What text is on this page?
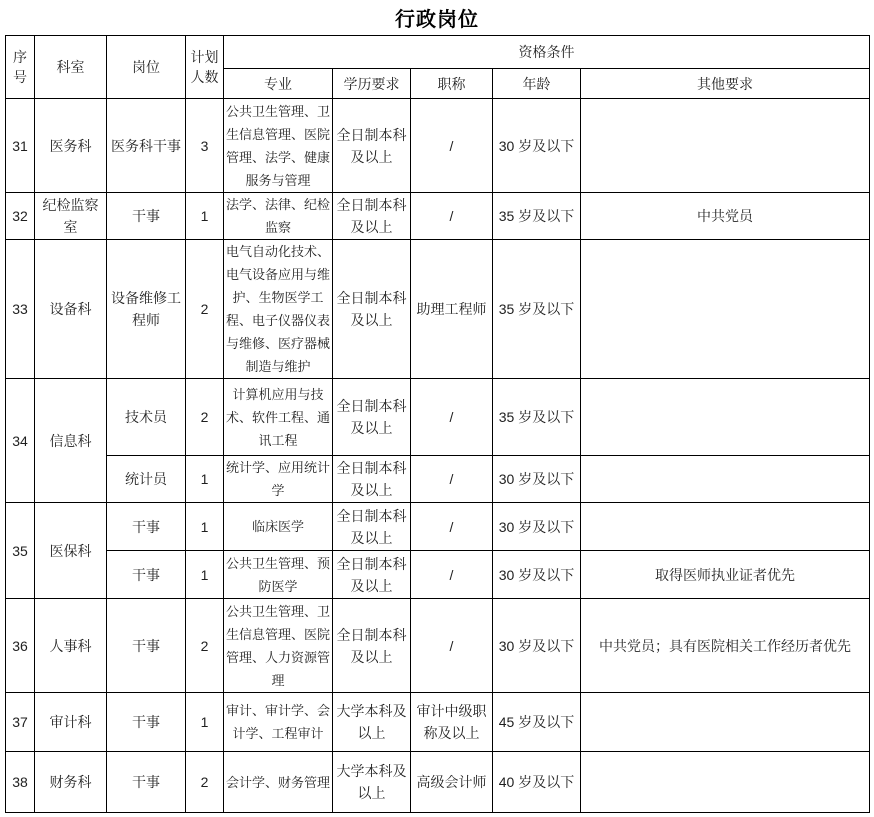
行政岗位
序号	科室	岗位	计划人数	资格条件				
				专业	学历要求	职称	年龄	其他要求
31	医务科	医务科干事	3	公共卫生管理、卫生信息管理、医院管理、法学、健康服务与管理	全日制本科及以上	/	30 岁及以下	
32	纪检监察室	干事	1	法学、法律、纪检监察	全日制本科及以上	/	35 岁及以下	中共党员
33	设备科	设备维修工程师	2	电气自动化技术、电气设备应用与维护、生物医学工程、电子仪器仪表与维修、医疗器械制造与维护	全日制本科及以上	助理工程师	35 岁及以下	
34	信息科	技术员	2	计算机应用与技术、软件工程、通讯工程	全日制本科及以上	/	35 岁及以下	
		统计员	1	统计学、应用统计学	全日制本科及以上	/	30 岁及以下	
35	医保科	干事	1	临床医学	全日制本科及以上	/	30 岁及以下	
		干事	1	公共卫生管理、预防医学	全日制本科及以上	/	30 岁及以下	取得医师执业证者优先
36	人事科	干事	2	公共卫生管理、卫生信息管理、医院管理、人力资源管理	全日制本科及以上	/	30 岁及以下	中共党员；具有医院相关工作经历者优先
37	审计科	干事	1	审计、审计学、会计学、工程审计	大学本科及以上	审计中级职称及以上	45 岁及以下	
38	财务科	干事	2	会计学、财务管理	大学本科及以上	高级会计师	40 岁及以下	
